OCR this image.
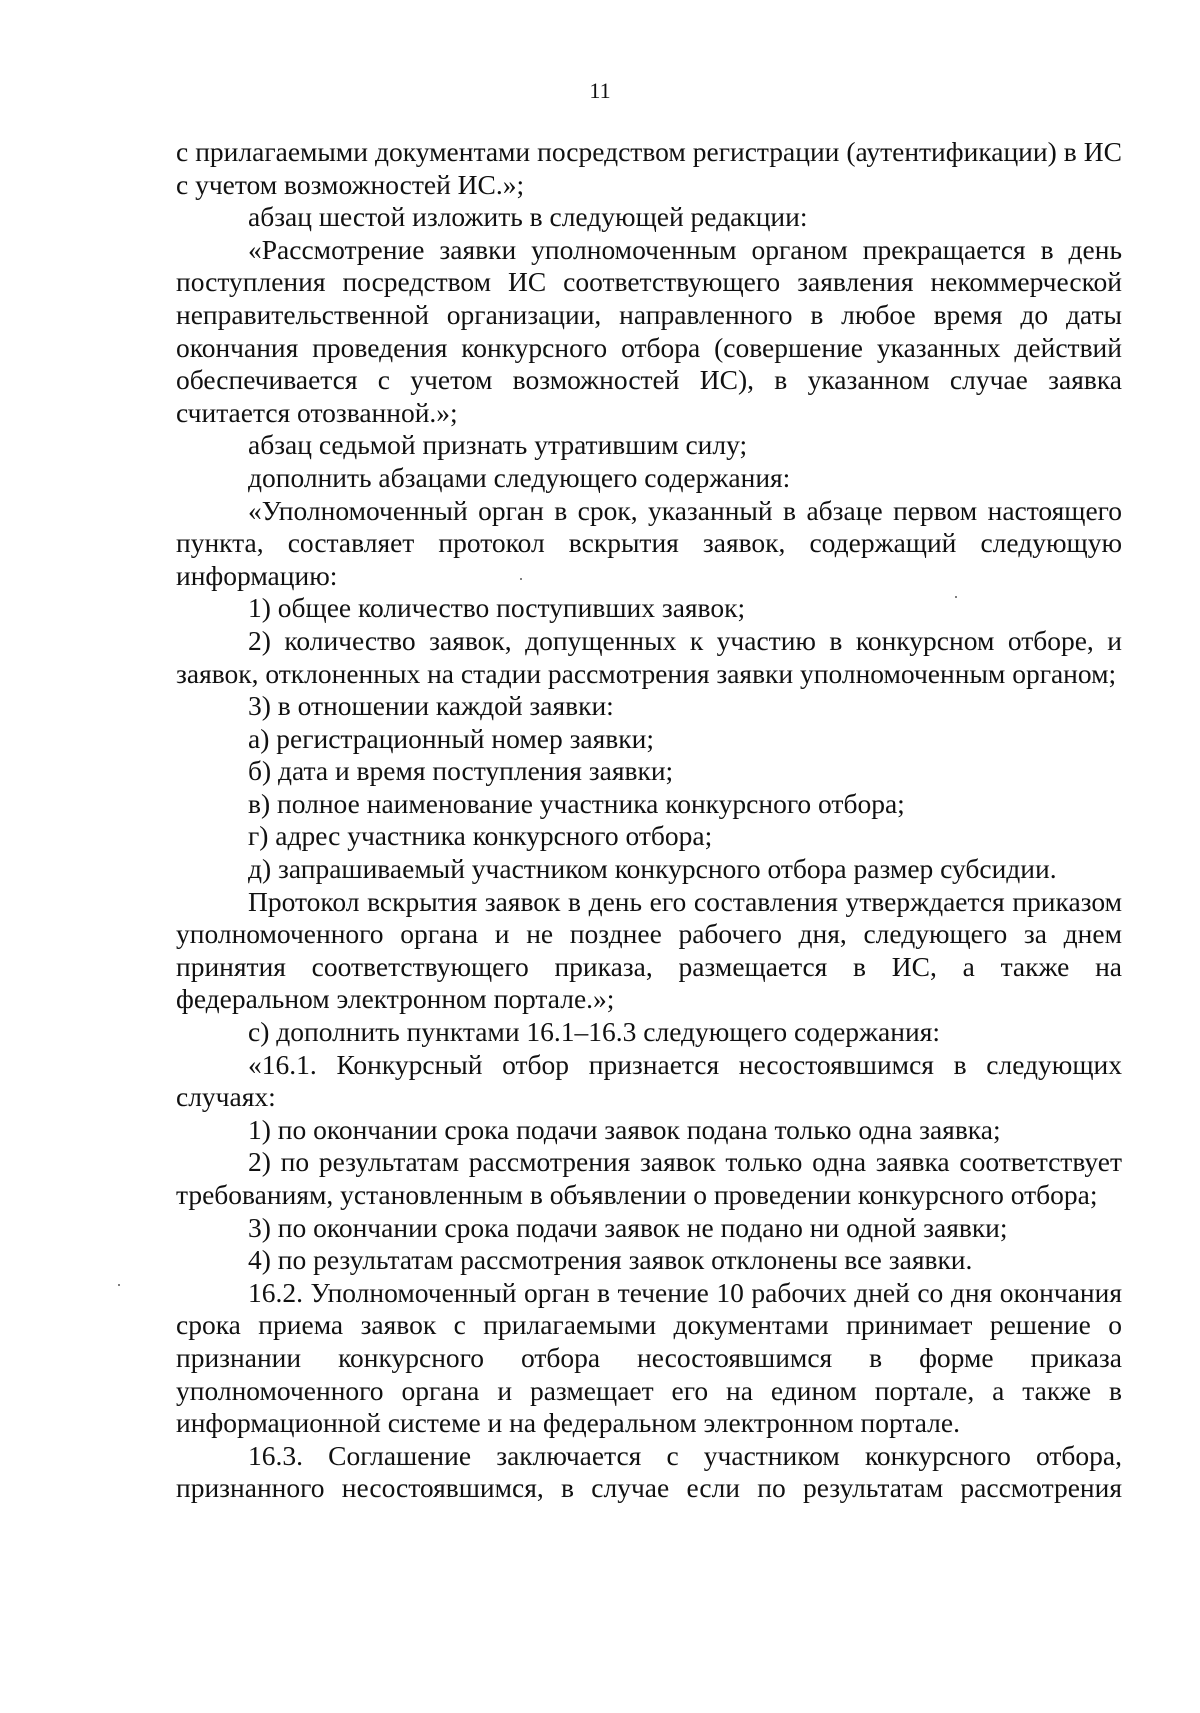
11

с прилагаемыми документами посредством регистрации (аутентификации) в ИС с учетом возможностей ИС.»;

абзац шестой изложить в следующей редакции:

«Рассмотрение заявки уполномоченным органом прекращается в день поступления посредством ИС соответствующего заявления некоммерческой неправительственной организации, направленного в любое время до даты окончания проведения конкурсного отбора (совершение указанных действий обеспечивается с учетом возможностей ИС), в указанном случае заявка считается отозванной.»;

абзац седьмой признать утратившим силу;

дополнить абзацами следующего содержания:

«Уполномоченный орган в срок, указанный в абзаце первом настоящего пункта, составляет протокол вскрытия заявок, содержащий следующую информацию:

1) общее количество поступивших заявок;

2) количество заявок, допущенных к участию в конкурсном отборе, и заявок, отклоненных на стадии рассмотрения заявки уполномоченным органом;

3) в отношении каждой заявки:

а) регистрационный номер заявки;

б) дата и время поступления заявки;

в) полное наименование участника конкурсного отбора;

г) адрес участника конкурсного отбора;

д) запрашиваемый участником конкурсного отбора размер субсидии.

Протокол вскрытия заявок в день его составления утверждается приказом уполномоченного органа и не позднее рабочего дня, следующего за днем принятия соответствующего приказа, размещается в ИС, а также на федеральном электронном портале.»;

с) дополнить пунктами 16.1–16.3 следующего содержания:

«16.1. Конкурсный отбор признается несостоявшимся в следующих случаях:

1) по окончании срока подачи заявок подана только одна заявка;

2) по результатам рассмотрения заявок только одна заявка соответствует требованиям, установленным в объявлении о проведении конкурсного отбора;

3) по окончании срока подачи заявок не подано ни одной заявки;

4) по результатам рассмотрения заявок отклонены все заявки.

16.2. Уполномоченный орган в течение 10 рабочих дней со дня окончания срока приема заявок с прилагаемыми документами принимает решение о признании конкурсного отбора несостоявшимся в форме приказа уполномоченного органа и размещает его на едином портале, а также в информационной системе и на федеральном электронном портале.

16.3. Соглашение заключается с участником конкурсного отбора, признанного несостоявшимся, в случае если по результатам рассмотрения
